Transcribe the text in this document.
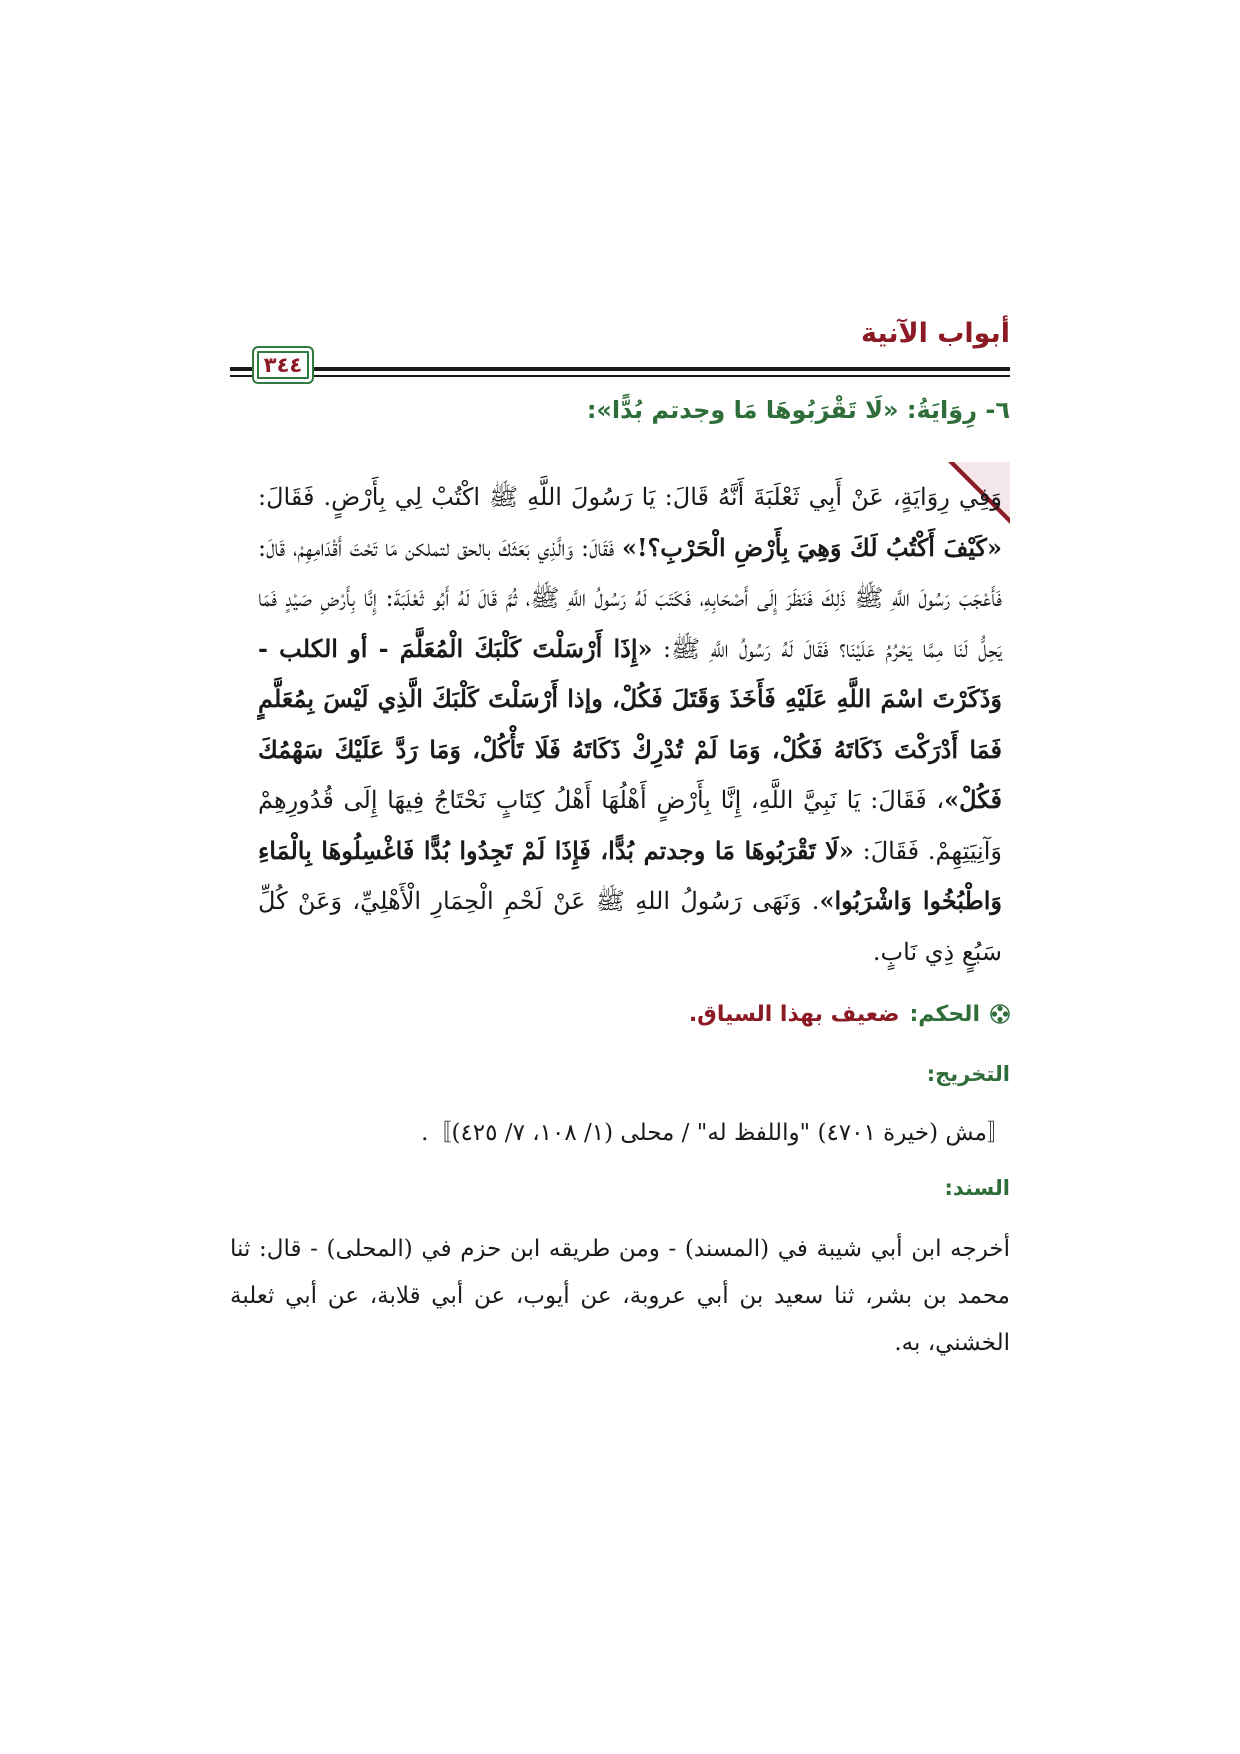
أبواب الآنية
٣٤٤
٦- رِوَايَةُ: «لَا تَقْرَبُوهَا مَا وجدتم بُدًّا»:
وَفِي رِوَايَةٍ، عَنْ أَبِي ثَعْلَبَةَ أَنَّهُ قَالَ: يَا رَسُولَ اللَّهِ ﷺ اكْتُبْ لِي بِأَرْضٍ. فَقَالَ: «كَيْفَ أَكْتُبُ لَكَ وَهِيَ بِأَرْضِ الْحَرْبِ؟!» فَقَالَ: وَالَّذِي بَعَثَكَ بالحق لتملكن مَا تَحْتَ أَقْدَامِهِمْ، قَالَ: فَأَعْجَبَ رَسُولَ اللَّهِ ﷺ ذَلِكَ فَنَظَرَ إِلَى أَصْحَابِهِ، فَكَتَبَ لَهُ رَسُولُ اللَّهِ ﷺ، ثُمَّ قَالَ لَهُ أَبُو ثَعْلَبَةَ: إِنَّا بِأَرْضِ صَيْدٍ فَمَا يَحِلُّ لَنَا مِمَّا يَحْرُمُ عَلَيْنَا؟ فَقَالَ لَهُ رَسُولُ اللَّهِ ﷺ: «إِذَا أَرْسَلْتَ كَلْبَكَ الْمُعَلَّمَ - أو الكلب - وَذَكَرْتَ اسْمَ اللَّهِ عَلَيْهِ فَأَخَذَ وَقَتَلَ فَكُلْ، وإذا أَرْسَلْتَ كَلْبَكَ الَّذِي لَيْسَ بِمُعَلَّمٍ فَمَا أَدْرَكْتَ ذَكَاتَهُ فَكُلْ، وَمَا لَمْ تُدْرِكْ ذَكَاتَهُ فَلَا تَأْكُلْ، وَمَا رَدَّ عَلَيْكَ سَهْمُكَ فَكُلْ»، فَقَالَ: يَا نَبِيَّ اللَّهِ، إِنَّا بِأَرْضٍ أَهْلُهَا أَهْلُ كِتَابٍ نَحْتَاجُ فِيهَا إِلَى قُدُورِهِمْ وَآنِيَتِهِمْ. فَقَالَ: «لَا تَقْرَبُوهَا مَا وجدتم بُدًّا، فَإِذَا لَمْ تَجِدُوا بُدًّا فَاغْسِلُوهَا بِالْمَاءِ وَاطْبُخُوا وَاشْرَبُوا». وَنَهَى رَسُولُ اللهِ ﷺ عَنْ لَحْمِ الْحِمَارِ الْأَهْلِيِّ، وَعَنْ كُلِّ سَبُعٍ ذِي نَابٍ.
الحكم:ضعيف بهذا السياق.
التخريج:
〚مش (خيرة ٤٧٠١) "واللفظ له" / محلى (١/ ١٠٨، ٧/ ٤٢٥)〛.
السند:
أخرجه ابن أبي شيبة في (المسند) - ومن طريقه ابن حزم في (المحلى) - قال: ثنا محمد بن بشر، ثنا سعيد بن أبي عروبة، عن أيوب، عن أبي قلابة، عن أبي ثعلبة الخشني، به.
